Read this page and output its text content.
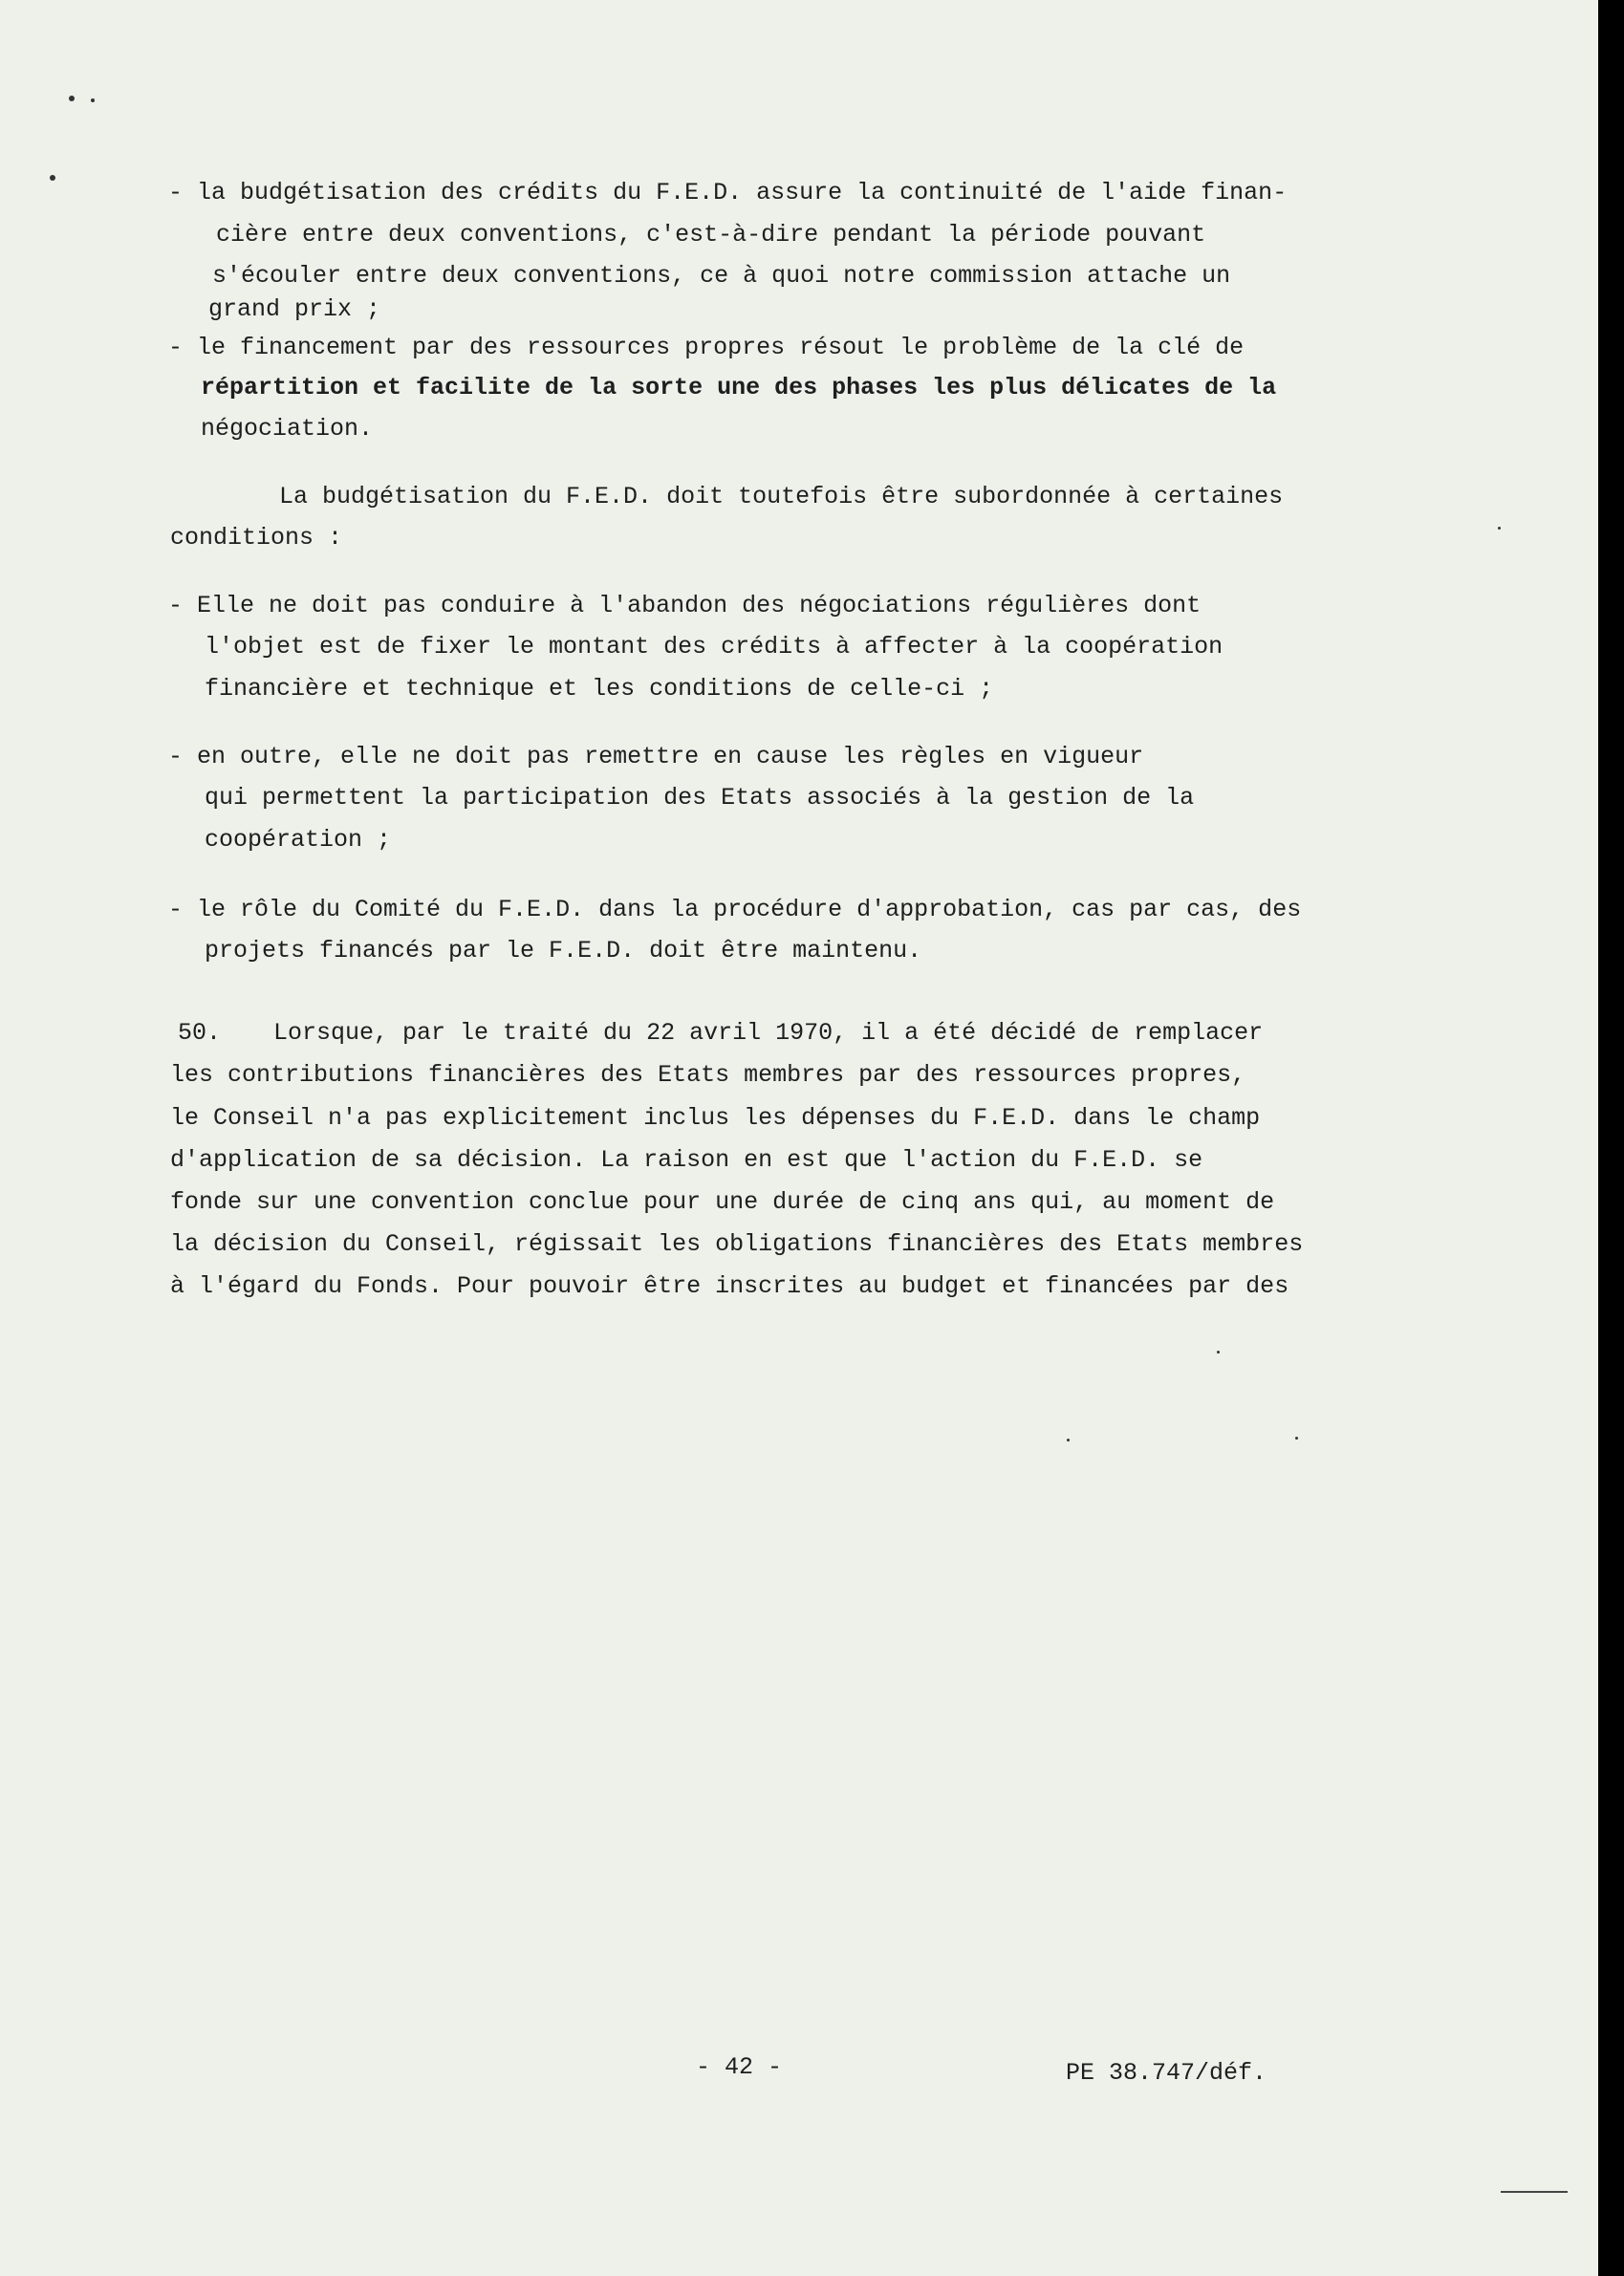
- la budgétisation des crédits du F.E.D. assure la continuité de l'aide finan-
cière entre deux conventions, c'est-à-dire pendant la période pouvant
s'écouler entre deux conventions, ce à quoi notre commission attache un
grand prix ;
- le financement par des ressources propres résout le problème de la clé de
répartition et facilite de la sorte une des phases les plus délicates de la
négociation.
La budgétisation du F.E.D. doit toutefois être subordonnée à certaines
conditions :
- Elle ne doit pas conduire à l'abandon des négociations régulières dont
l'objet est de fixer le montant des crédits à affecter à la coopération
financière et technique et les conditions de celle-ci ;
- en outre, elle ne doit pas remettre en cause les règles en vigueur
qui permettent la participation des Etats associés à la gestion de la
coopération ;
- le rôle du Comité du F.E.D. dans la procédure d'approbation, cas par cas, des
projets financés par le F.E.D. doit être maintenu.
50. Lorsque, par le traité du 22 avril 1970, il a été décidé de remplacer
les contributions financières des Etats membres par des ressources propres,
le Conseil n'a pas explicitement inclus les dépenses du F.E.D. dans le champ
d'application de sa décision. La raison en est que l'action du F.E.D. se
fonde sur une convention conclue pour une durée de cinq ans qui, au moment de
la décision du Conseil, régissait les obligations financières des Etats membres
à l'égard du Fonds. Pour pouvoir être inscrites au budget et financées par des
- 42 -	PE 38.747/déf.
